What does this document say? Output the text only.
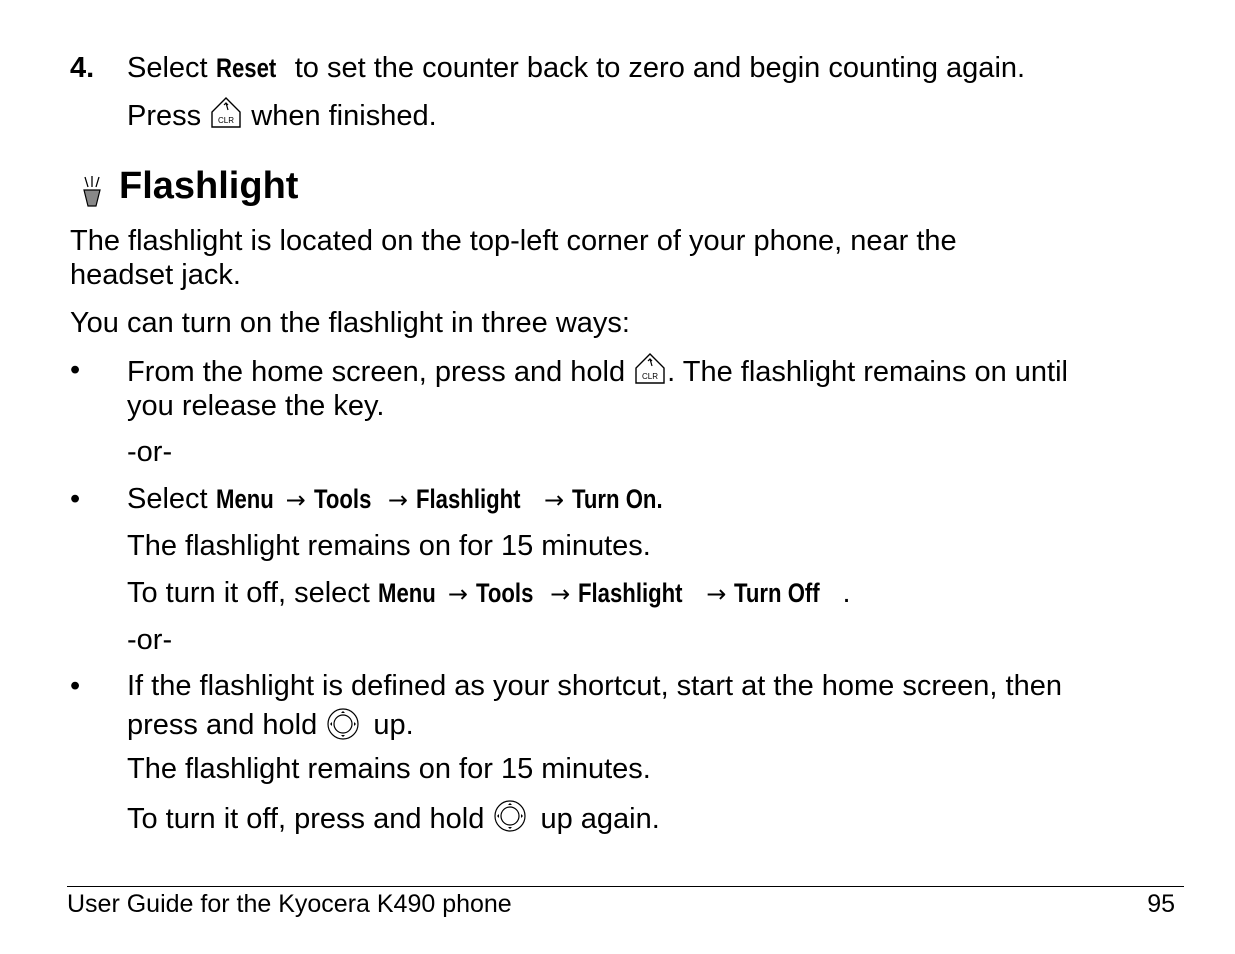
4. Select Reset to set the counter back to zero and begin counting again.
Press CLR when finished.
Flashlight
The flashlight is located on the top-left corner of your phone, near the
headset jack.
You can turn on the flashlight in three ways:
• From the home screen, press and hold CLR . The flashlight remains on until
you release the key.
-or-
• Select Menu → Tools → Flashlight → Turn On.
The flashlight remains on for 15 minutes.
To turn it off, select Menu → Tools → Flashlight → Turn Off .
-or-
• If the flashlight is defined as your shortcut, start at the home screen, then
press and hold  up.
The flashlight remains on for 15 minutes.
To turn it off, press and hold  up again.
User Guide for the Kyocera K490 phone	95
